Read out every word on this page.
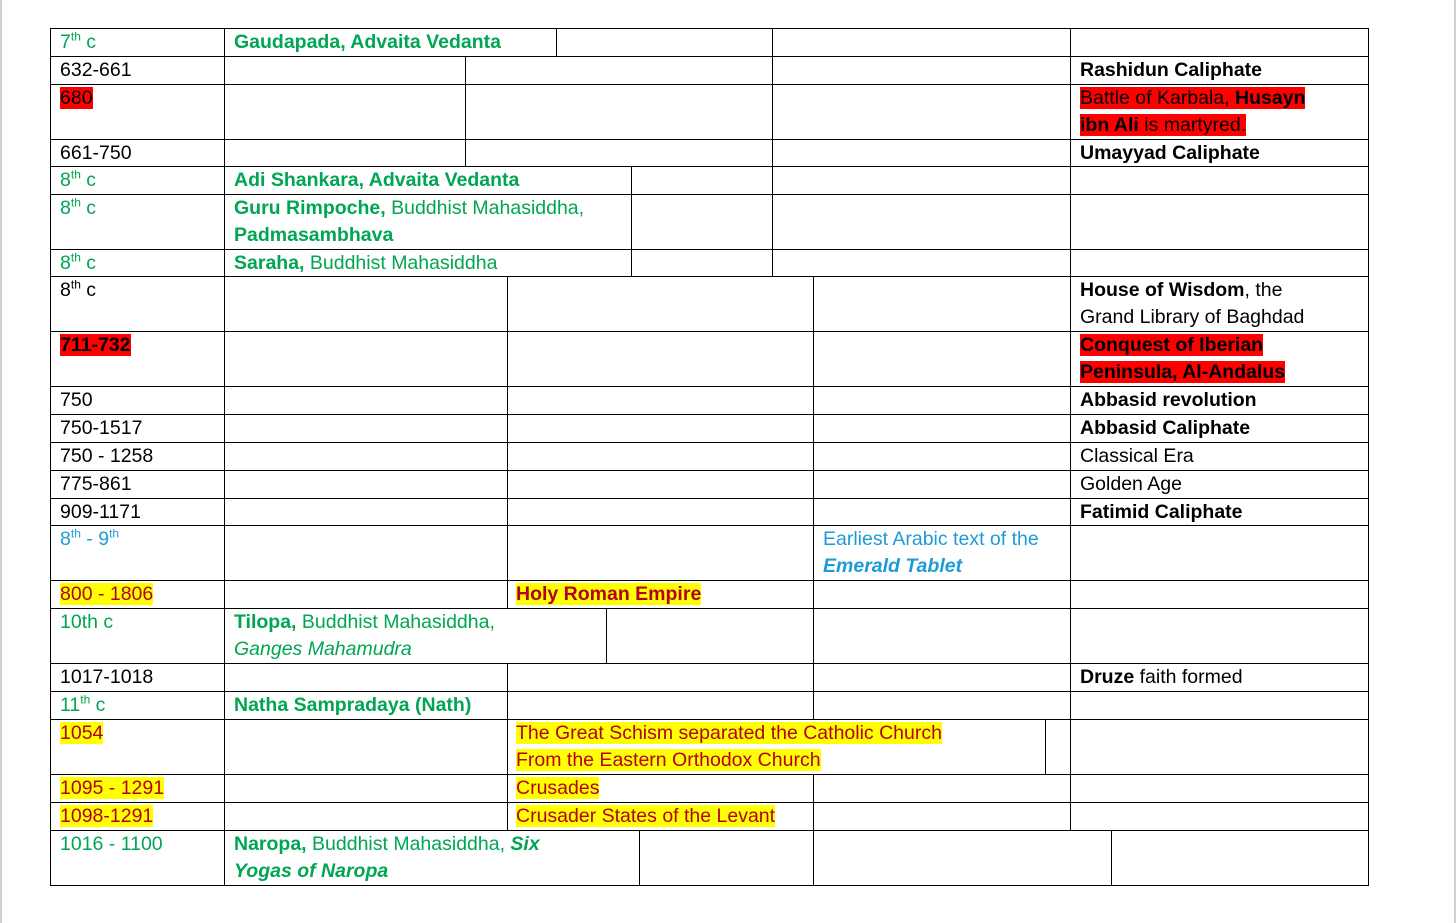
7th c	Gaudapada, Advaita Vedanta
632-661	Rashidun Caliphate
680	Battle of Karbala, Husayn ibn Ali is martyred.
661-750	Umayyad Caliphate
8th c	Adi Shankara, Advaita Vedanta
8th c	Guru Rimpoche, Buddhist Mahasiddha, Padmasambhava
8th c	Saraha, Buddhist Mahasiddha
8th c	House of Wisdom, the Grand Library of Baghdad
711-732	Conquest of Iberian Peninsula, Al-Andalus
750	Abbasid revolution
750-1517	Abbasid Caliphate
750 - 1258	Classical Era
775-861	Golden Age
909-1171	Fatimid Caliphate
8th - 9th	Earliest Arabic text of the Emerald Tablet
800 - 1806	Holy Roman Empire
10th c	Tilopa, Buddhist Mahasiddha, Ganges Mahamudra
1017-1018	Druze faith formed
11th c	Natha Sampradaya (Nath)
1054	The Great Schism separated the Catholic Church From the Eastern Orthodox Church
1095 - 1291	Crusades
1098-1291	Crusader States of the Levant
1016 - 1100	Naropa, Buddhist Mahasiddha, Six Yogas of Naropa
